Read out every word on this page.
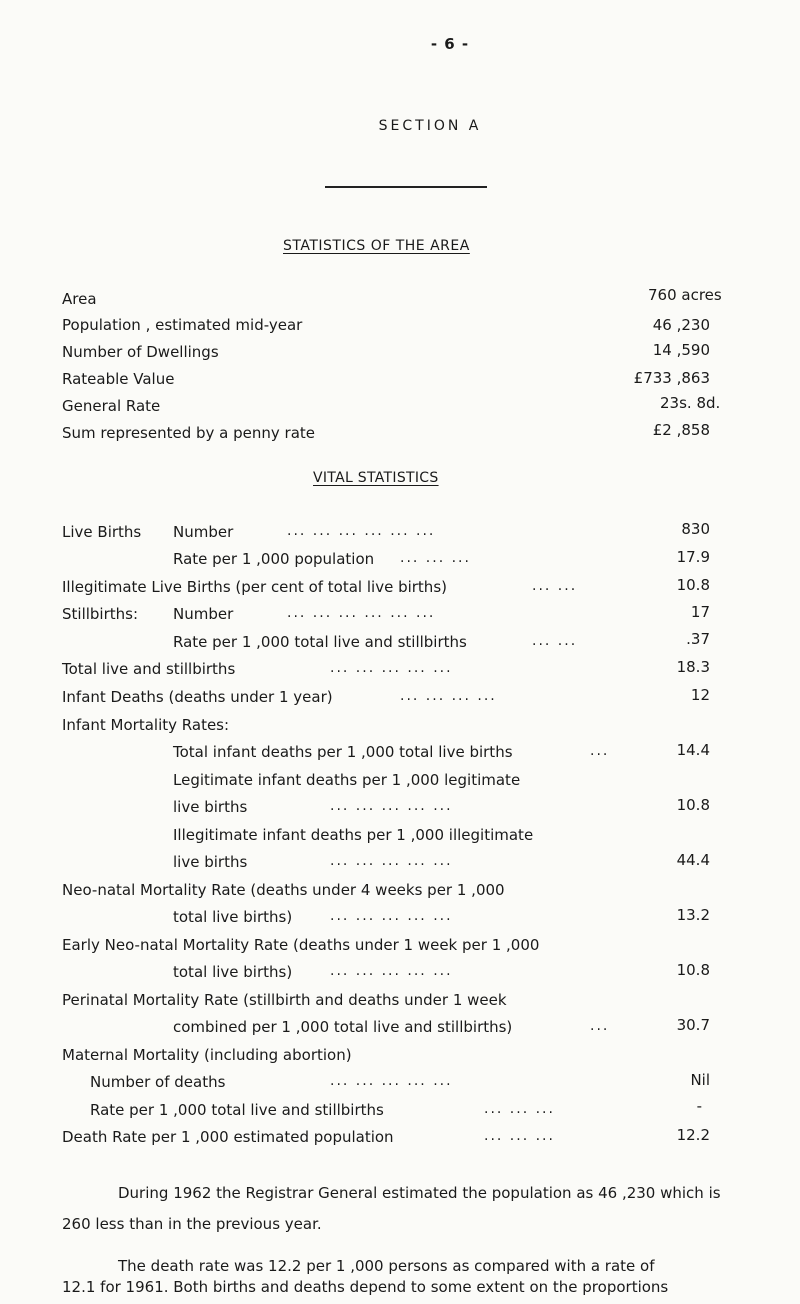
- 6 -
SECTION A
STATISTICS OF THE AREA
Area	760 acres
Population , estimated mid-year	46 ,230
Number of Dwellings	14 ,590
Rateable Value	£733 ,863
General Rate	23s. 8d.
Sum represented by a penny rate	£2 ,858
VITAL STATISTICS
Live Births Number	... ... ... ... ... ...	830
Rate per 1 ,000 population ... ... ...	17.9
Illegitimate Live Births (per cent of total live births)	... ...	10.8
Stillbirths: Number	... ... ... ... ... ...	17
Rate per 1 ,000 total live and stillbirths	... ...	.37
Total live and stillbirths	... ... ... ... ...	18.3
Infant Deaths (deaths under 1 year)	... ... ... ...	12
Infant Mortality Rates:
Total infant deaths per 1 ,000 total live births	...	14.4
Legitimate infant deaths per 1 ,000 legitimate
live births	... ... ... ... ...	10.8
Illegitimate infant deaths per 1 ,000 illegitimate
live births	... ... ... ... ...	44.4
Neo-natal Mortality Rate (deaths under 4 weeks per 1 ,000
total live births)	... ... ... ... ...	13.2
Early Neo-natal Mortality Rate (deaths under 1 week per 1 ,000
total live births)	... ... ... ... ...	10.8
Perinatal Mortality Rate (stillbirth and deaths under 1 week
combined per 1 ,000 total live and stillbirths)	...	30.7
Maternal Mortality (including abortion)
Number of deaths	... ... ... ... ...	Nil
Rate per 1 ,000 total live and stillbirths	... ... ...	-
Death Rate per 1 ,000 estimated population	... ... ...	12.2
During 1962 the Registrar General estimated the population as 46 ,230 which is
260 less than in the previous year.
The death rate was 12.2 per 1 ,000 persons as compared with a rate of
12.1 for 1961. Both births and deaths depend to some extent on the proportions
